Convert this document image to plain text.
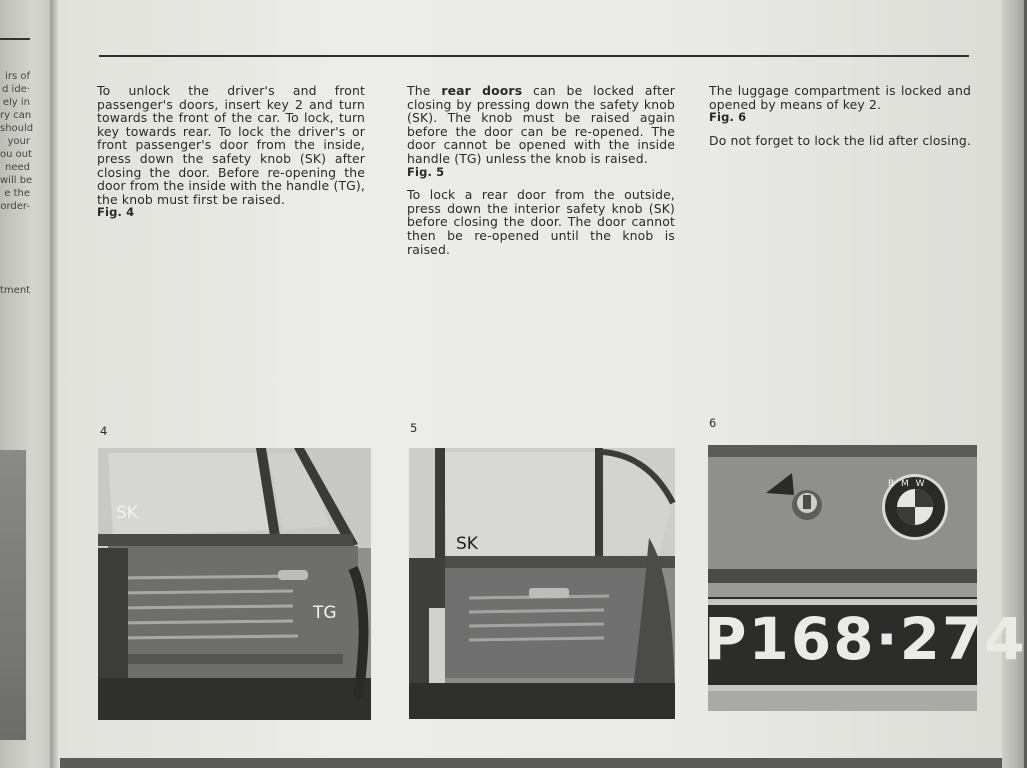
irs of
d ide·
ely in
ry can
should
your
ou out
need
will be
e the
order-
tment

To unlock the driver's and front passenger's doors, insert key 2 and turn towards the front of the car. To lock, turn key towards rear. To lock the driver's or front passenger's door from the inside, press down the safety knob (SK) after closing the door. Before re-opening the door from the inside with the handle (TG), the knob must first be raised.

Fig. 4

The rear doors can be locked after closing by pressing down the safety knob (SK). The knob must be raised again before the door can be re-opened. The door cannot be opened with the inside handle (TG) unless the knob is raised.

Fig. 5

To lock a rear door from the outside, press down the interior safety knob (SK) before closing the door. The door cannot then be re-opened until the knob is raised.

The luggage compartment is locked and opened by means of key 2.

Fig. 6

Do not forget to lock the lid after closing.

4	5	6
SK
TG
SK
B M W
P168·274
